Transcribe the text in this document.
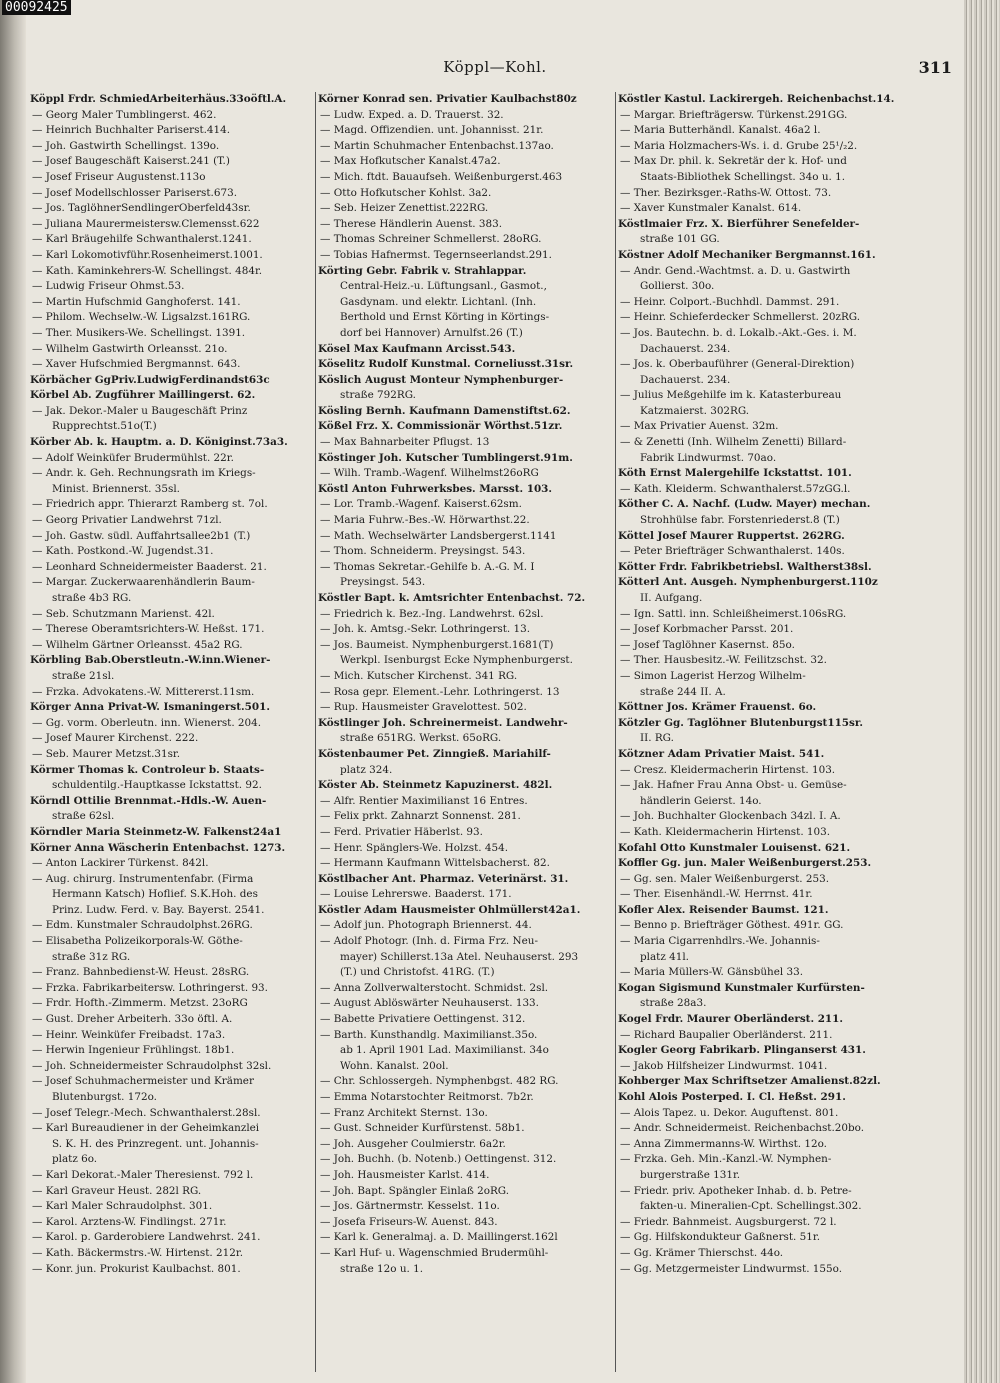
00092425
Köppl—Kohl.	311
Köppl Frdr. SchmiedArbeiterhäus.33oöftl.A.
— Georg Maler Tumblingerst. 462.
— Heinrich Buchhalter Pariserst.414.
— Joh. Gastwirth Schellingst. 139o.
— Josef Baugeschäft Kaiserst.241 (T.)
— Josef Friseur Augustenst.113o
— Josef Modellschlosser Pariserst.673.
— Jos. TaglöhnerSendlingerOberfeld43sr.
— Juliana Maurermeistersw.Clemensst.622
— Karl Bräugehilfe Schwanthalerst.1241.
— Karl Lokomotivführ.Rosenheimerst.1001.
— Kath. Kaminkehrers-W. Schellingst. 484r.
— Ludwig Friseur Ohmst.53.
— Martin Hufschmid Ganghoferst. 141.
— Philom. Wechselw.-W. Ligsalzst.161RG.
— Ther. Musikers-We. Schellingst. 1391.
— Wilhelm Gastwirth Orleansst. 21o.
— Xaver Hufschmied Bergmannst. 643.
Körbächer GgPriv.LudwigFerdinandst63c
Körbel Ab. Zugführer Maillingerst. 62.
— Jak. Dekor.-Maler u Baugeschäft Prinz
Rupprechtst.51o(T.)
Körber Ab. k. Hauptm. a. D. Königinst.73a3.
— Adolf Weinküfer Brudermühlst. 22r.
— Andr. k. Geh. Rechnungsrath im Kriegs-
Minist. Briennerst. 35sl.
— Friedrich appr. Thierarzt Ramberg st. 7ol.
— Georg Privatier Landwehrst 71zl.
— Joh. Gastw. südl. Auffahrtsallee2b1 (T.)
— Kath. Postkond.-W. Jugendst.31.
— Leonhard Schneidermeister Baaderst. 21.
— Margar. Zuckerwaarenhändlerin Baum-
straße 4b3 RG.
— Seb. Schutzmann Marienst. 42l.
— Therese Oberamtsrichters-W. Heßst. 171.
— Wilhelm Gärtner Orleansst. 45a2 RG.
Körbling Bab.Oberstleutn.-W.inn.Wiener-
straße 21sl.
— Frzka. Advokatens.-W. Mittererst.11sm.
Körger Anna Privat-W. Ismaningerst.501.
— Gg. vorm. Oberleutn. inn. Wienerst. 204.
— Josef Maurer Kirchenst. 222.
— Seb. Maurer Metzst.31sr.
Körmer Thomas k. Controleur b. Staats-
schuldentilg.-Hauptkasse Ickstattst. 92.
Körndl Ottilie Brennmat.-Hdls.-W. Auen-
straße 62sl.
Körndler Maria Steinmetz-W. Falkenst24a1
Körner Anna Wäscherin Entenbachst. 1273.
— Anton Lackirer Türkenst. 842l.
— Aug. chirurg. Instrumentenfabr. (Firma
Hermann Katsch) Hoflief. S.K.Hoh. des
Prinz. Ludw. Ferd. v. Bay. Bayerst. 2541.
— Edm. Kunstmaler Schraudolphst.26RG.
— Elisabetha Polizeikorporals-W. Göthe-
straße 31z RG.
— Franz. Bahnbedienst-W. Heust. 28sRG.
— Frzka. Fabrikarbeitersw. Lothringerst. 93.
— Frdr. Hofth.-Zimmerm. Metzst. 23oRG
— Gust. Dreher Arbeiterh. 33o öftl. A.
— Heinr. Weinküfer Freibadst. 17a3.
— Herwin Ingenieur Frühlingst. 18b1.
— Joh. Schneidermeister Schraudolphst 32sl.
— Josef Schuhmachermeister und Krämer
Blutenburgst. 172o.
— Josef Telegr.-Mech. Schwanthalerst.28sl.
— Karl Bureaudiener in der Geheimkanzlei
S. K. H. des Prinzregent. unt. Johannis-
platz 6o.
— Karl Dekorat.-Maler Theresienst. 792 l.
— Karl Graveur Heust. 282l RG.
— Karl Maler Schraudolphst. 301.
— Karol. Arztens-W. Findlingst. 271r.
— Karol. p. Garderobiere Landwehrst. 241.
— Kath. Bäckermstrs.-W. Hirtenst. 212r.
— Konr. jun. Prokurist Kaulbachst. 801.
Körner Konrad sen. Privatier Kaulbachst80z
— Ludw. Exped. a. D. Trauerst. 32.
— Magd. Offizendien. unt. Johannisst. 21r.
— Martin Schuhmacher Entenbachst.137ao.
— Max Hofkutscher Kanalst.47a2.
— Mich. ftdt. Bauaufseh. Weißenburgerst.463
— Otto Hofkutscher Kohlst. 3a2.
— Seb. Heizer Zenettist.222RG.
— Therese Händlerin Auenst. 383.
— Thomas Schreiner Schmellerst. 28oRG.
— Tobias Hafnermst. Tegernseerlandst.291.
Körting Gebr. Fabrik v. Strahlappar.
Central-Heiz.-u. Lüftungsanl., Gasmot.,
Gasdynam. und elektr. Lichtanl. (Inh.
Berthold und Ernst Körting in Körtings-
dorf bei Hannover) Arnulfst.26 (T.)
Kösel Max Kaufmann Arcisst.543.
Köselitz Rudolf Kunstmal. Corneliusst.31sr.
Köslich August Monteur Nymphenburger-
straße 792RG.
Kösling Bernh. Kaufmann Damenstiftst.62.
Kößel Frz. X. Commissionär Wörthst.51zr.
— Max Bahnarbeiter Pflugst. 13
Köstinger Joh. Kutscher Tumblingerst.91m.
— Wilh. Tramb.-Wagenf. Wilhelmst26oRG
Köstl Anton Fuhrwerksbes. Marsst. 103.
— Lor. Tramb.-Wagenf. Kaiserst.62sm.
— Maria Fuhrw.-Bes.-W. Hörwarthst.22.
— Math. Wechselwärter Landsbergerst.1141
— Thom. Schneiderm. Preysingst. 543.
— Thomas Sekretar.-Gehilfe b. A.-G. M. I
Preysingst. 543.
Köstler Bapt. k. Amtsrichter Entenbachst. 72.
— Friedrich k. Bez.-Ing. Landwehrst. 62sl.
— Joh. k. Amtsg.-Sekr. Lothringerst. 13.
— Jos. Baumeist. Nymphenburgerst.1681(T)
Werkpl. Isenburgst Ecke Nymphenburgerst.
— Mich. Kutscher Kirchenst. 341 RG.
— Rosa gepr. Element.-Lehr. Lothringerst. 13
— Rup. Hausmeister Gravelottest. 502.
Köstlinger Joh. Schreinermeist. Landwehr-
straße 651RG. Werkst. 65oRG.
Köstenbaumer Pet. Zinngieß. Mariahilf-
platz 324.
Köster Ab. Steinmetz Kapuzinerst. 482l.
— Alfr. Rentier Maximilianst 16 Entres.
— Felix prkt. Zahnarzt Sonnenst. 281.
— Ferd. Privatier Häberlst. 93.
— Henr. Spänglers-We. Holzst. 454.
— Hermann Kaufmann Wittelsbacherst. 82.
Köstlbacher Ant. Pharmaz. Veterinärst. 31.
— Louise Lehrerswe. Baaderst. 171.
Köstler Adam Hausmeister Ohlmüllerst42a1.
— Adolf jun. Photograph Briennerst. 44.
— Adolf Photogr. (Inh. d. Firma Frz. Neu-
mayer) Schillerst.13a Atel. Neuhauserst. 293
(T.) und Christofst. 41RG. (T.)
— Anna Zollverwalterstocht. Schmidst. 2sl.
— August Ablöswärter Neuhauserst. 133.
— Babette Privatiere Oettingenst. 312.
— Barth. Kunsthandlg. Maximilianst.35o.
ab 1. April 1901 Lad. Maximilianst. 34o
Wohn. Kanalst. 20ol.
— Chr. Schlossergeh. Nymphenbgst. 482 RG.
— Emma Notarstochter Reitmorst. 7b2r.
— Franz Architekt Sternst. 13o.
— Gust. Schneider Kurfürstenst. 58b1.
— Joh. Ausgeher Coulmierstr. 6a2r.
— Joh. Buchh. (b. Notenb.) Oettingenst. 312.
— Joh. Hausmeister Karlst. 414.
— Joh. Bapt. Spängler Einlaß 2oRG.
— Jos. Gärtnermstr. Kesselst. 11o.
— Josefa Friseurs-W. Auenst. 843.
— Karl k. Generalmaj. a. D. Maillingerst.162l
— Karl Huf- u. Wagenschmied Brudermühl-
straße 12o u. 1.
Köstler Kastul. Lackirergeh. Reichenbachst.14.
— Margar. Briefträgersw. Türkenst.291GG.
— Maria Butterhändl. Kanalst. 46a2 l.
— Maria Holzmachers-Ws. i. d. Grube 25¹/₂2.
— Max Dr. phil. k. Sekretär der k. Hof- und
Staats-Bibliothek Schellingst. 34o u. 1.
— Ther. Bezirksger.-Raths-W. Ottost. 73.
— Xaver Kunstmaler Kanalst. 614.
Köstlmaier Frz. X. Bierführer Senefelder-
straße 101 GG.
Köstner Adolf Mechaniker Bergmannst.161.
— Andr. Gend.-Wachtmst. a. D. u. Gastwirth
Gollierst. 30o.
— Heinr. Colport.-Buchhdl. Dammst. 291.
— Heinr. Schieferdecker Schmellerst. 20zRG.
— Jos. Bautechn. b. d. Lokalb.-Akt.-Ges. i. M.
Dachauerst. 234.
— Jos. k. Oberbauführer (General-Direktion)
Dachauerst. 234.
— Julius Meßgehilfe im k. Katasterbureau
Katzmaierst. 302RG.
— Max Privatier Auenst. 32m.
— & Zenetti (Inh. Wilhelm Zenetti) Billard-
Fabrik Lindwurmst. 70ao.
Köth Ernst Malergehilfe Ickstattst. 101.
— Kath. Kleiderm. Schwanthalerst.57zGG.l.
Köther C. A. Nachf. (Ludw. Mayer) mechan.
Strohhülse fabr. Forstenriederst.8 (T.)
Köttel Josef Maurer Ruppertst. 262RG.
— Peter Briefträger Schwanthalerst. 140s.
Kötter Frdr. Fabrikbetriebsl. Waltherst38sl.
Kötterl Ant. Ausgeh. Nymphenburgerst.110z
II. Aufgang.
— Ign. Sattl. inn. Schleißheimerst.106sRG.
— Josef Korbmacher Parsst. 201.
— Josef Taglöhner Kasernst. 85o.
— Ther. Hausbesitz.-W. Feilitzschst. 32.
— Simon Lagerist Herzog Wilhelm-
straße 244 II. A.
Köttner Jos. Krämer Frauenst. 6o.
Kötzler Gg. Taglöhner Blutenburgst115sr.
II. RG.
Kötzner Adam Privatier Maist. 541.
— Cresz. Kleidermacherin Hirtenst. 103.
— Jak. Hafner Frau Anna Obst- u. Gemüse-
händlerin Geierst. 14o.
— Joh. Buchhalter Glockenbach 34zl. I. A.
— Kath. Kleidermacherin Hirtenst. 103.
Kofahl Otto Kunstmaler Louisenst. 621.
Koffler Gg. jun. Maler Weißenburgerst.253.
— Gg. sen. Maler Weißenburgerst. 253.
— Ther. Eisenhändl.-W. Herrnst. 41r.
Kofler Alex. Reisender Baumst. 121.
— Benno p. Briefträger Göthest. 491r. GG.
— Maria Cigarrenhdlrs.-We. Johannis-
platz 41l.
— Maria Müllers-W. Gänsbühel 33.
Kogan Sigismund Kunstmaler Kurfürsten-
straße 28a3.
Kogel Frdr. Maurer Oberländerst. 211.
— Richard Baupalier Oberländerst. 211.
Kogler Georg Fabrikarb. Plinganserst 431.
— Jakob Hilfsheizer Lindwurmst. 1041.
Kohberger Max Schriftsetzer Amalienst.82zl.
Kohl Alois Posterped. I. Cl. Heßst. 291.
— Alois Tapez. u. Dekor. Auguftenst. 801.
— Andr. Schneidermeist. Reichenbachst.20bo.
— Anna Zimmermanns-W. Wirthst. 12o.
— Frzka. Geh. Min.-Kanzl.-W. Nymphen-
burgerstraße 131r.
— Friedr. priv. Apotheker Inhab. d. b. Petre-
fakten-u. Mineralien-Cpt. Schellingst.302.
— Friedr. Bahnmeist. Augsburgerst. 72 l.
— Gg. Hilfskondukteur Gaßnerst. 51r.
— Gg. Krämer Thierschst. 44o.
— Gg. Metzgermeister Lindwurmst. 155o.
